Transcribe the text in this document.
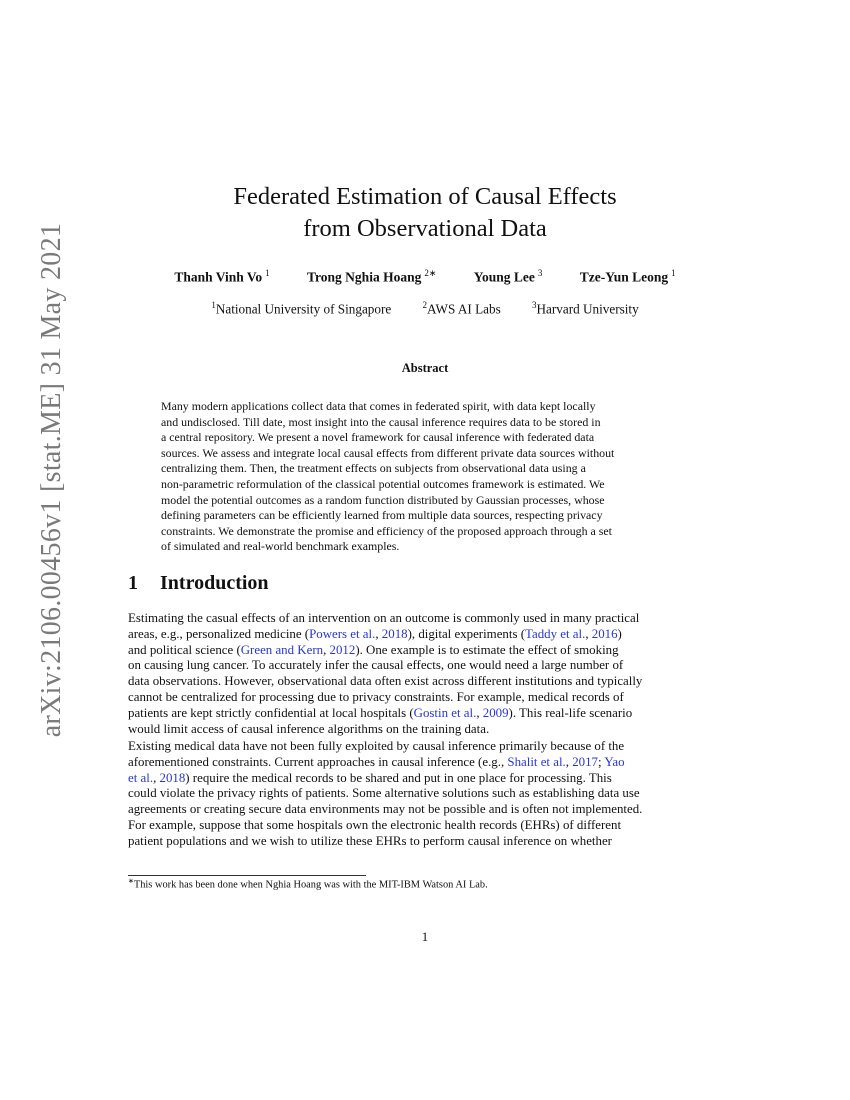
arXiv:2106.00456v1 [stat.ME] 31 May 2021
Federated Estimation of Causal Effects
from Observational Data
Thanh Vinh Vo $^1$	Trong Nghia Hoang $^{2∗}$	Young Lee $^3$	Tze-Yun Leong $^1$
$^1$National University of Singapore	$^2$AWS AI Labs	$^3$Harvard University
Abstract
Many modern applications collect data that comes in federated spirit, with data kept locally
and undisclosed. Till date, most insight into the causal inference requires data to be stored in
a central repository. We present a novel framework for causal inference with federated data
sources. We assess and integrate local causal effects from different private data sources without
centralizing them. Then, the treatment effects on subjects from observational data using a
non-parametric reformulation of the classical potential outcomes framework is estimated. We
model the potential outcomes as a random function distributed by Gaussian processes, whose
defining parameters can be efficiently learned from multiple data sources, respecting privacy
constraints. We demonstrate the promise and efficiency of the proposed approach through a set
of simulated and real-world benchmark examples.
1 Introduction
Estimating the casual effects of an intervention on an outcome is commonly used in many practical
areas, e.g., personalized medicine (Powers et al., 2018), digital experiments (Taddy et al., 2016)
and political science (Green and Kern, 2012). One example is to estimate the effect of smoking
on causing lung cancer. To accurately infer the causal effects, one would need a large number of
data observations. However, observational data often exist across different institutions and typically
cannot be centralized for processing due to privacy constraints. For example, medical records of
patients are kept strictly confidential at local hospitals (Gostin et al., 2009). This real-life scenario
would limit access of causal inference algorithms on the training data.
Existing medical data have not been fully exploited by causal inference primarily because of the
aforementioned constraints. Current approaches in causal inference (e.g., Shalit et al., 2017; Yao
et al., 2018) require the medical records to be shared and put in one place for processing. This
could violate the privacy rights of patients. Some alternative solutions such as establishing data use
agreements or creating secure data environments may not be possible and is often not implemented.
For example, suppose that some hospitals own the electronic health records (EHRs) of different
patient populations and we wish to utilize these EHRs to perform causal inference on whether
∗This work has been done when Nghia Hoang was with the MIT-IBM Watson AI Lab.
1
